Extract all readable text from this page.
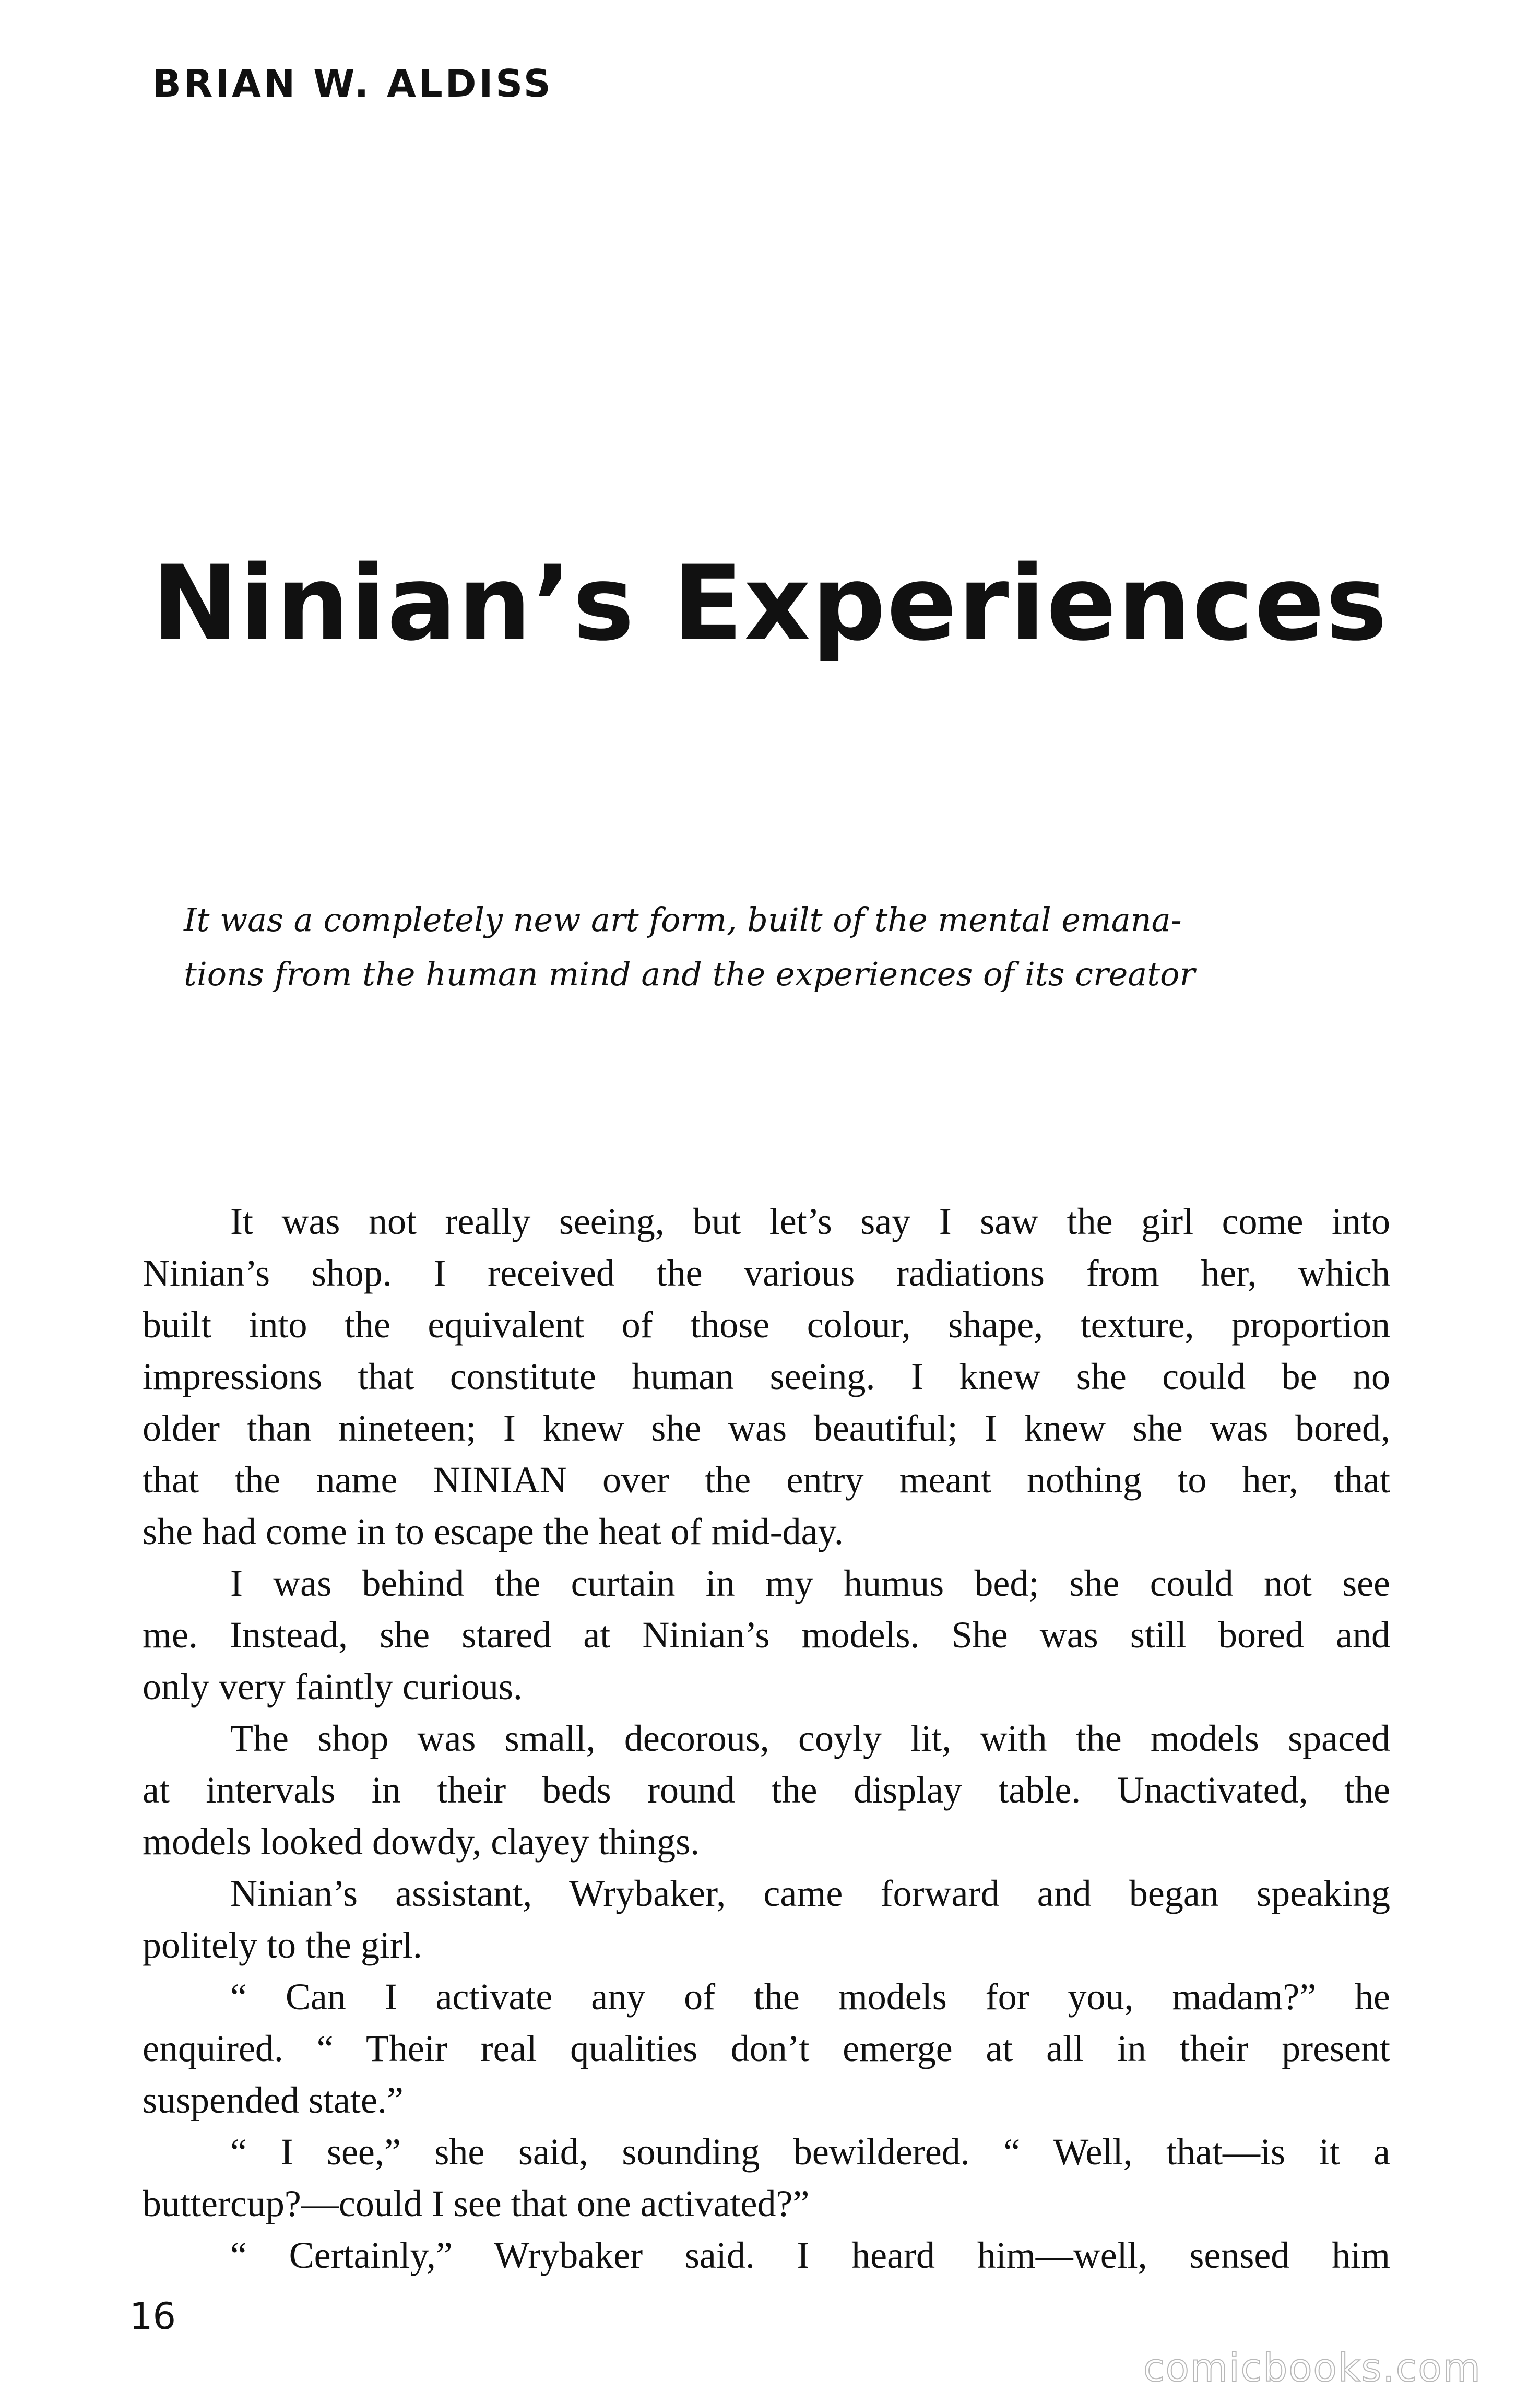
BRIAN W. ALDISS
Ninian’s Experiences
It was a completely new art form, built of the mental emana-
tions from the human mind and the experiences of its creator
It was not really seeing, but let’s say I saw the girl come into
Ninian’s shop. I received the various radiations from her, which
built into the equivalent of those colour, shape, texture, proportion
impressions that constitute human seeing. I knew she could be no
older than nineteen; I knew she was beautiful; I knew she was bored,
that the name NINIAN over the entry meant nothing to her, that
she had come in to escape the heat of mid-day.
I was behind the curtain in my humus bed; she could not see
me. Instead, she stared at Ninian’s models. She was still bored and
only very faintly curious.
The shop was small, decorous, coyly lit, with the models spaced
at intervals in their beds round the display table. Unactivated, the
models looked dowdy, clayey things.
Ninian’s assistant, Wrybaker, came forward and began speaking
politely to the girl.
“ Can I activate any of the models for you, madam?” he
enquired. “ Their real qualities don’t emerge at all in their present
suspended state.”
“ I see,” she said, sounding bewildered. “ Well, that—is it a
buttercup?—could I see that one activated?”
“ Certainly,” Wrybaker said. I heard him—well, sensed him
16
comicbooks.com
